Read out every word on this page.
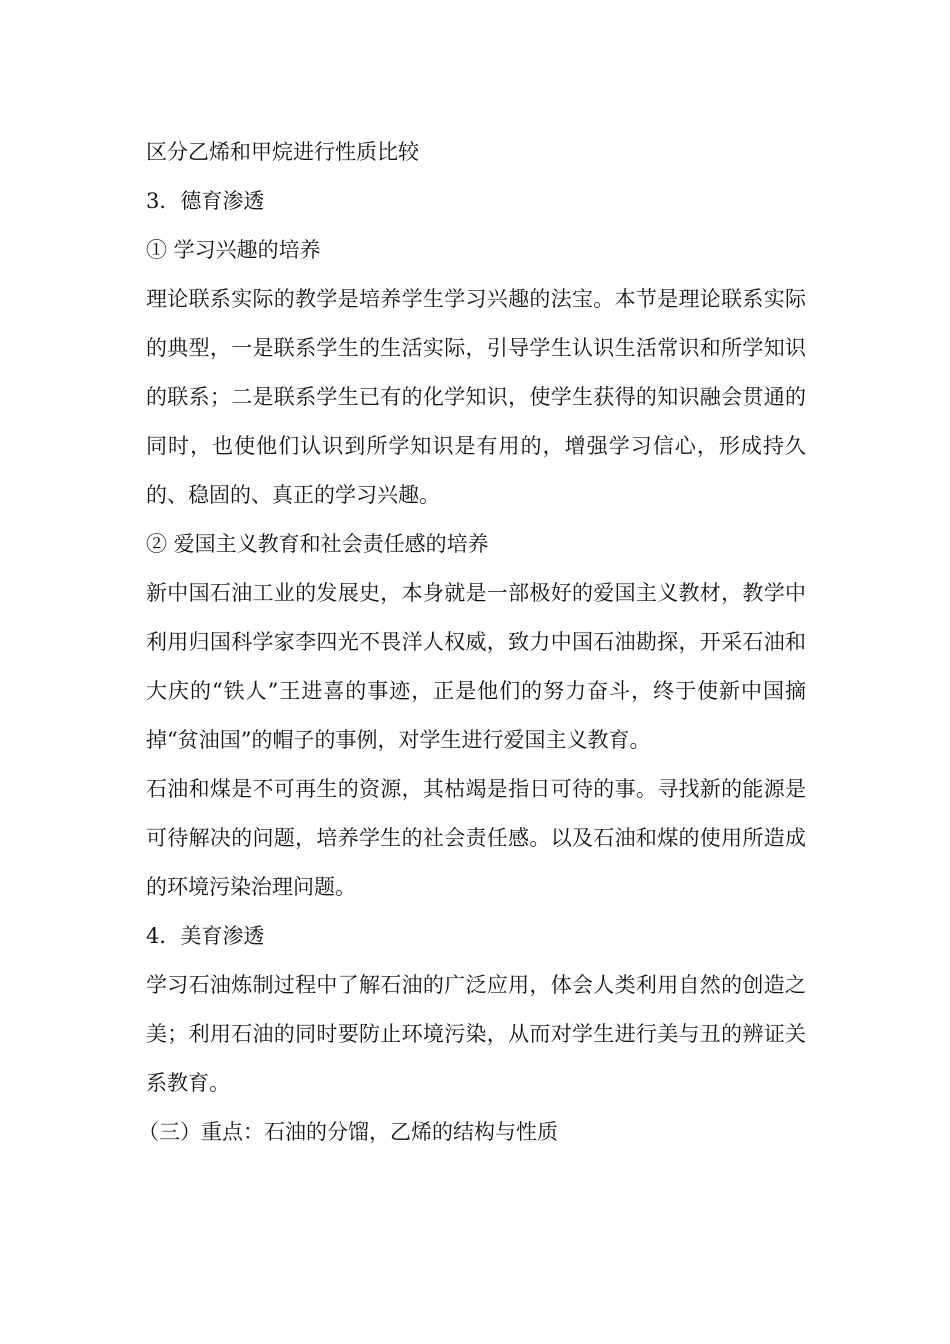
区分乙烯和甲烷进行性质比较

3．德育渗透

① 学习兴趣的培养

理论联系实际的教学是培养学生学习兴趣的法宝。本节是理论联系实际的典型，一是联系学生的生活实际，引导学生认识生活常识和所学知识的联系；二是联系学生已有的化学知识，使学生获得的知识融会贯通的同时，也使他们认识到所学知识是有用的，增强学习信心，形成持久的、稳固的、真正的学习兴趣。

② 爱国主义教育和社会责任感的培养

新中国石油工业的发展史，本身就是一部极好的爱国主义教材，教学中利用归国科学家李四光不畏洋人权威，致力中国石油勘探，开采石油和大庆的“铁人”王进喜的事迹，正是他们的努力奋斗，终于使新中国摘掉“贫油国”的帽子的事例，对学生进行爱国主义教育。

石油和煤是不可再生的资源，其枯竭是指日可待的事。寻找新的能源是可待解决的问题，培养学生的社会责任感。以及石油和煤的使用所造成的环境污染治理问题。

4．美育渗透

学习石油炼制过程中了解石油的广泛应用，体会人类利用自然的创造之美；利用石油的同时要防止环境污染，从而对学生进行美与丑的辨证关系教育。

（三）重点：石油的分馏，乙烯的结构与性质
